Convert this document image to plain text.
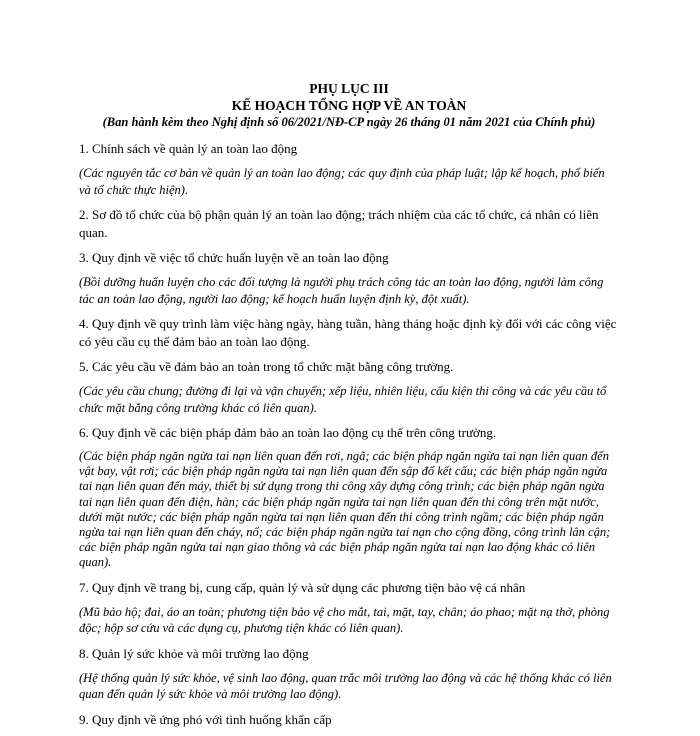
PHỤ LỤC III
KẾ HOẠCH TỔNG HỢP VỀ AN TOÀN
(Ban hành kèm theo Nghị định số 06/2021/NĐ-CP ngày 26 tháng 01 năm 2021 của Chính phủ)

1. Chính sách về quản lý an toàn lao động

(Các nguyên tắc cơ bản về quản lý an toàn lao động; các quy định của pháp luật; lập kế hoạch, phổ biến và tổ chức thực hiện).

2. Sơ đồ tổ chức của bộ phận quản lý an toàn lao động; trách nhiệm của các tổ chức, cá nhân có liên quan.

3. Quy định về việc tổ chức huấn luyện về an toàn lao động

(Bồi dưỡng huấn luyện cho các đối tượng là người phụ trách công tác an toàn lao động, người làm công tác an toàn lao động, người lao động; kế hoạch huấn luyện định kỳ, đột xuất).

4. Quy định về quy trình làm việc hàng ngày, hàng tuần, hàng tháng hoặc định kỳ đối với các công việc có yêu cầu cụ thể đảm bảo an toàn lao động.

5. Các yêu cầu về đảm bảo an toàn trong tổ chức mặt bằng công trường.

(Các yêu cầu chung; đường đi lại và vận chuyển; xếp liệu, nhiên liệu, cấu kiện thi công và các yêu cầu tổ chức mặt bằng công trường khác có liên quan).

6. Quy định về các biện pháp đảm bảo an toàn lao động cụ thể trên công trường.

(Các biện pháp ngăn ngừa tai nạn liên quan đến rơi, ngã; các biện pháp ngăn ngừa tai nạn liên quan đến vật bay, vật rơi; các biện pháp ngăn ngừa tai nạn liên quan đến sập đổ kết cấu; các biện pháp ngăn ngừa tai nạn liên quan đến máy, thiết bị sử dụng trong thi công xây dựng công trình; các biện pháp ngăn ngừa tai nạn liên quan đến điện, hàn; các biện pháp ngăn ngừa tai nạn liên quan đến thi công trên mặt nước, dưới mặt nước; các biện pháp ngăn ngừa tai nạn liên quan đến thi công trình ngầm; các biện pháp ngăn ngừa tai nạn liên quan đến cháy, nổ; các biện pháp ngăn ngừa tai nạn cho cộng đồng, công trình lân cận; các biện pháp ngăn ngừa tai nạn giao thông và các biện pháp ngăn ngừa tai nạn lao động khác có liên quan).

7. Quy định về trang bị, cung cấp, quản lý và sử dụng các phương tiện bảo vệ cá nhân

(Mũ bảo hộ; đai, áo an toàn; phương tiện bảo vệ cho mắt, tai, mặt, tay, chân; áo phao; mặt nạ thở, phòng độc; hộp sơ cứu và các dụng cụ, phương tiện khác có liên quan).

8. Quản lý sức khỏe và môi trường lao động

(Hệ thống quản lý sức khỏe, vệ sinh lao động, quan trắc môi trường lao động và các hệ thống khác có liên quan đến quản lý sức khỏe và môi trường lao động).

9. Quy định về ứng phó với tình huống khẩn cấp
